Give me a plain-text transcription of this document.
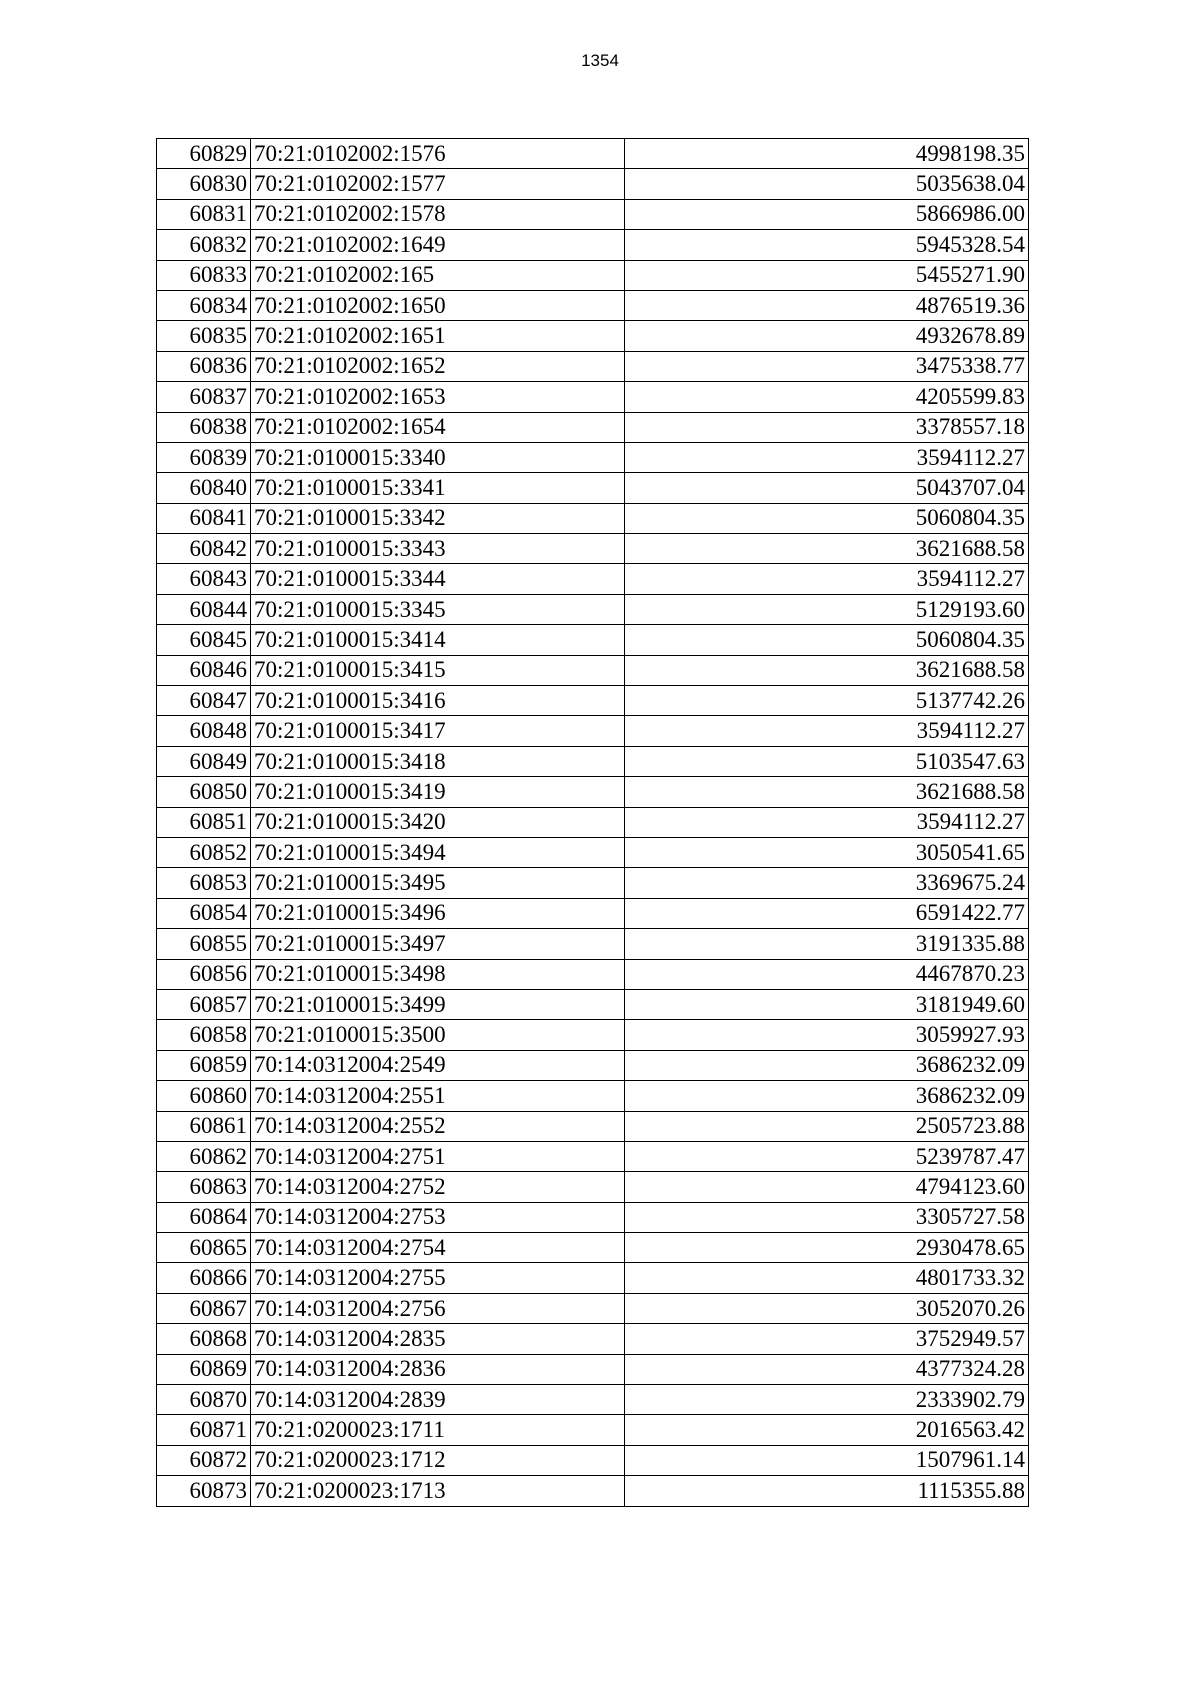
1354
60829	70:21:0102002:1576	4998198.35
60830	70:21:0102002:1577	5035638.04
60831	70:21:0102002:1578	5866986.00
60832	70:21:0102002:1649	5945328.54
60833	70:21:0102002:165	5455271.90
60834	70:21:0102002:1650	4876519.36
60835	70:21:0102002:1651	4932678.89
60836	70:21:0102002:1652	3475338.77
60837	70:21:0102002:1653	4205599.83
60838	70:21:0102002:1654	3378557.18
60839	70:21:0100015:3340	3594112.27
60840	70:21:0100015:3341	5043707.04
60841	70:21:0100015:3342	5060804.35
60842	70:21:0100015:3343	3621688.58
60843	70:21:0100015:3344	3594112.27
60844	70:21:0100015:3345	5129193.60
60845	70:21:0100015:3414	5060804.35
60846	70:21:0100015:3415	3621688.58
60847	70:21:0100015:3416	5137742.26
60848	70:21:0100015:3417	3594112.27
60849	70:21:0100015:3418	5103547.63
60850	70:21:0100015:3419	3621688.58
60851	70:21:0100015:3420	3594112.27
60852	70:21:0100015:3494	3050541.65
60853	70:21:0100015:3495	3369675.24
60854	70:21:0100015:3496	6591422.77
60855	70:21:0100015:3497	3191335.88
60856	70:21:0100015:3498	4467870.23
60857	70:21:0100015:3499	3181949.60
60858	70:21:0100015:3500	3059927.93
60859	70:14:0312004:2549	3686232.09
60860	70:14:0312004:2551	3686232.09
60861	70:14:0312004:2552	2505723.88
60862	70:14:0312004:2751	5239787.47
60863	70:14:0312004:2752	4794123.60
60864	70:14:0312004:2753	3305727.58
60865	70:14:0312004:2754	2930478.65
60866	70:14:0312004:2755	4801733.32
60867	70:14:0312004:2756	3052070.26
60868	70:14:0312004:2835	3752949.57
60869	70:14:0312004:2836	4377324.28
60870	70:14:0312004:2839	2333902.79
60871	70:21:0200023:1711	2016563.42
60872	70:21:0200023:1712	1507961.14
60873	70:21:0200023:1713	1115355.88
